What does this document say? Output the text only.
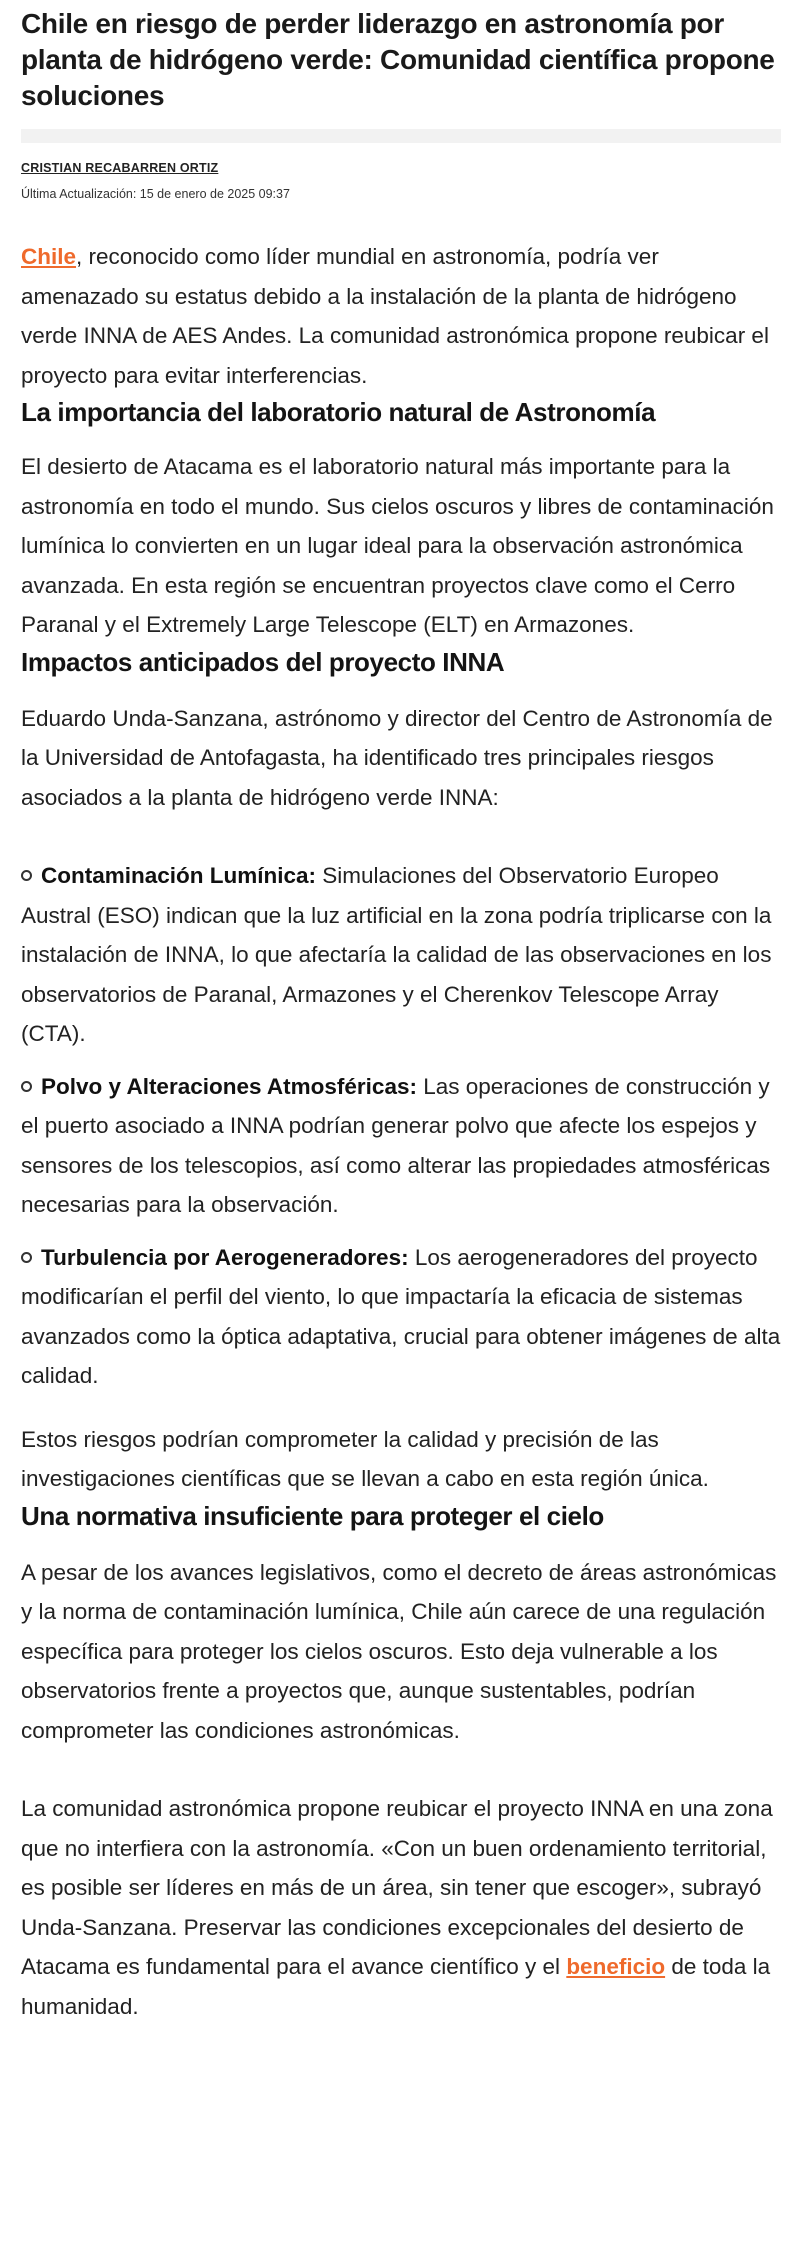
Chile en riesgo de perder liderazgo en astronomía por planta de hidrógeno verde: Comunidad científica propone soluciones
CRISTIAN RECABARREN ORTIZ
Última Actualización: 15 de enero de 2025 09:37

Chile, reconocido como líder mundial en astronomía, podría ver amenazado su estatus debido a la instalación de la planta de hidrógeno verde INNA de AES Andes. La comunidad astronómica propone reubicar el proyecto para evitar interferencias.

La importancia del laboratorio natural de Astronomía

El desierto de Atacama es el laboratorio natural más importante para la astronomía en todo el mundo. Sus cielos oscuros y libres de contaminación lumínica lo convierten en un lugar ideal para la observación astronómica avanzada. En esta región se encuentran proyectos clave como el Cerro Paranal y el Extremely Large Telescope (ELT) en Armazones.

Impactos anticipados del proyecto INNA

Eduardo Unda-Sanzana, astrónomo y director del Centro de Astronomía de la Universidad de Antofagasta, ha identificado tres principales riesgos asociados a la planta de hidrógeno verde INNA:

Contaminación Lumínica: Simulaciones del Observatorio Europeo Austral (ESO) indican que la luz artificial en la zona podría triplicarse con la instalación de INNA, lo que afectaría la calidad de las observaciones en los observatorios de Paranal, Armazones y el Cherenkov Telescope Array (CTA).

Polvo y Alteraciones Atmosféricas: Las operaciones de construcción y el puerto asociado a INNA podrían generar polvo que afecte los espejos y sensores de los telescopios, así como alterar las propiedades atmosféricas necesarias para la observación.

Turbulencia por Aerogeneradores: Los aerogeneradores del proyecto modificarían el perfil del viento, lo que impactaría la eficacia de sistemas avanzados como la óptica adaptativa, crucial para obtener imágenes de alta calidad.

Estos riesgos podrían comprometer la calidad y precisión de las investigaciones científicas que se llevan a cabo en esta región única.

Una normativa insuficiente para proteger el cielo

A pesar de los avances legislativos, como el decreto de áreas astronómicas y la norma de contaminación lumínica, Chile aún carece de una regulación específica para proteger los cielos oscuros. Esto deja vulnerable a los observatorios frente a proyectos que, aunque sustentables, podrían comprometer las condiciones astronómicas.

La comunidad astronómica propone reubicar el proyecto INNA en una zona que no interfiera con la astronomía. «Con un buen ordenamiento territorial, es posible ser líderes en más de un área, sin tener que escoger», subrayó Unda-Sanzana. Preservar las condiciones excepcionales del desierto de Atacama es fundamental para el avance científico y el beneficio de toda la humanidad.
